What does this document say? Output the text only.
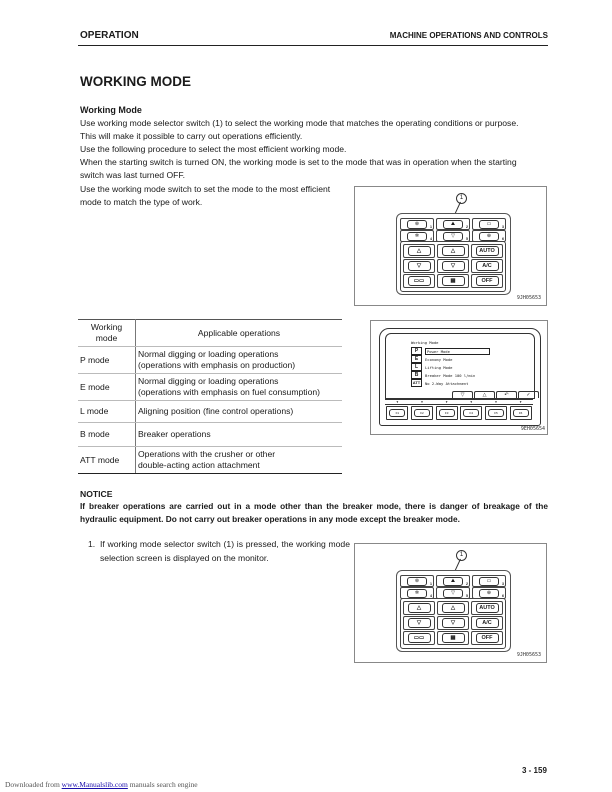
OPERATION	MACHINE OPERATIONS AND CONTROLS
WORKING MODE
Working Mode
Use working mode selector switch (1) to select the working mode that matches the operating conditions or purpose.
This will make it possible to carry out operations efficiently.
Use the following procedure to select the most efficient working mode.
When the starting switch is turned ON, the working mode is set to the mode that was in operation when the starting
switch was last turned OFF.
Use the working mode switch to set the mode to the most efficient
mode to match the type of work.	1
⊛
1
⛰
2
▭
3
✲
4
▽
5
⊕
6
△
▽
▭▭
△
▽
▦
AUTO
A/C
OFF
9JH05653
Working mode	Applicable operations
P mode	Normal digging or loading operations
(operations with emphasis on production)

E mode	Normal digging or loading operations
(operations with emphasis on fuel consumption)

L mode	Aligning position (fine control operations)

B mode	Breaker operations

ATT mode	Operations with the crusher or other
double-acting action attachment
Working Mode
P	Power Mode
E	Economy Mode
L	Lifting Mode
B	Breaker Mode 100 l/min
ATT	No 2-Way Attachment
▽	△	↶	✓
▼	▼	▼	▼	▼	▼
F1	F2	F3	F4	F5	F6
9EH05654
NOTICE
If breaker operations are carried out in a mode other than the breaker mode, there is danger of breakage of the hydraulic equipment. Do not carry out breaker operations in any mode except the breaker mode.
1. If working mode selector switch (1) is pressed, the working mode selection screen is displayed on the monitor.	1
⊛
1
⛰
2
▭
3
✲
4
▽
5
⊕
6
△
▽
▭▭
△
▽
▦
AUTO
A/C
OFF
9JH05653
3 - 159
Downloaded from www.Manualslib.com manuals search engine
